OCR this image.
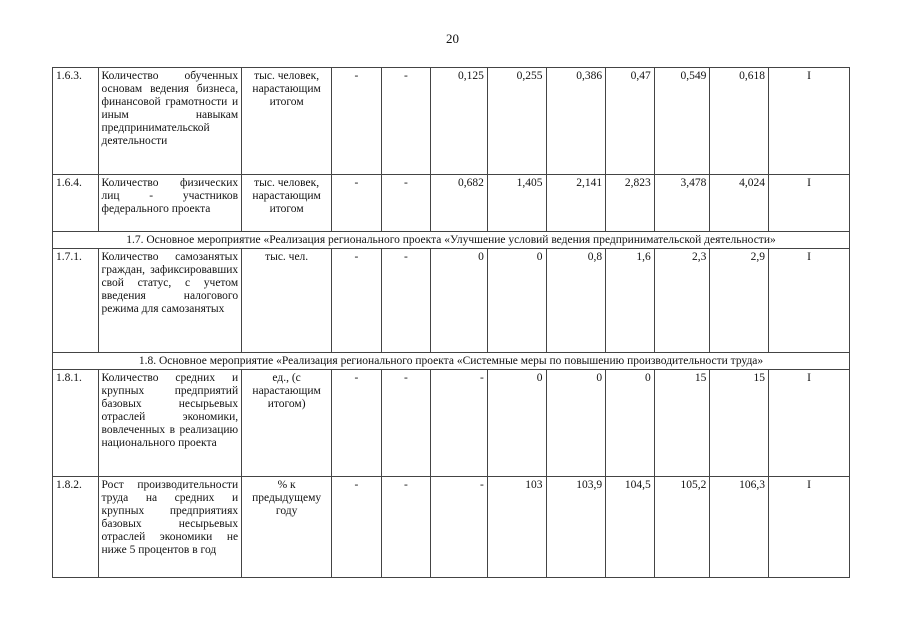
20
1.6.3.	Количество обученных основам ведения бизнеса, финансовой грамотности и иным навыкам предпринимательской деятельности	тыс. человек, нарастающим итогом	-	-	0,125	0,255	0,386	0,47	0,549	0,618	I
1.6.4.	Количество физических лиц - участников федерального проекта	тыс. человек, нарастающим итогом	-	-	0,682	1,405	2,141	2,823	3,478	4,024	I
1.7. Основное мероприятие «Реализация регионального проекта «Улучшение условий ведения предпринимательской деятельности»											
1.7.1.	Количество самозанятых граждан, зафиксировавших свой статус, с учетом введения налогового режима для самозанятых	тыс. чел.	-	-	0	0	0,8	1,6	2,3	2,9	I
1.8. Основное мероприятие «Реализация регионального проекта «Системные меры по повышению производительности труда»											
1.8.1.	Количество средних и крупных предприятий базовых несырьевых отраслей экономики, вовлеченных в реализацию национального проекта	ед., (с нарастающим итогом)	-	-	-	0	0	0	15	15	I
1.8.2.	Рост производительности труда на средних и крупных предприятиях базовых несырьевых отраслей экономики не ниже 5 процентов в год	% к предыдущему году	-	-	-	103	103,9	104,5	105,2	106,3	I
